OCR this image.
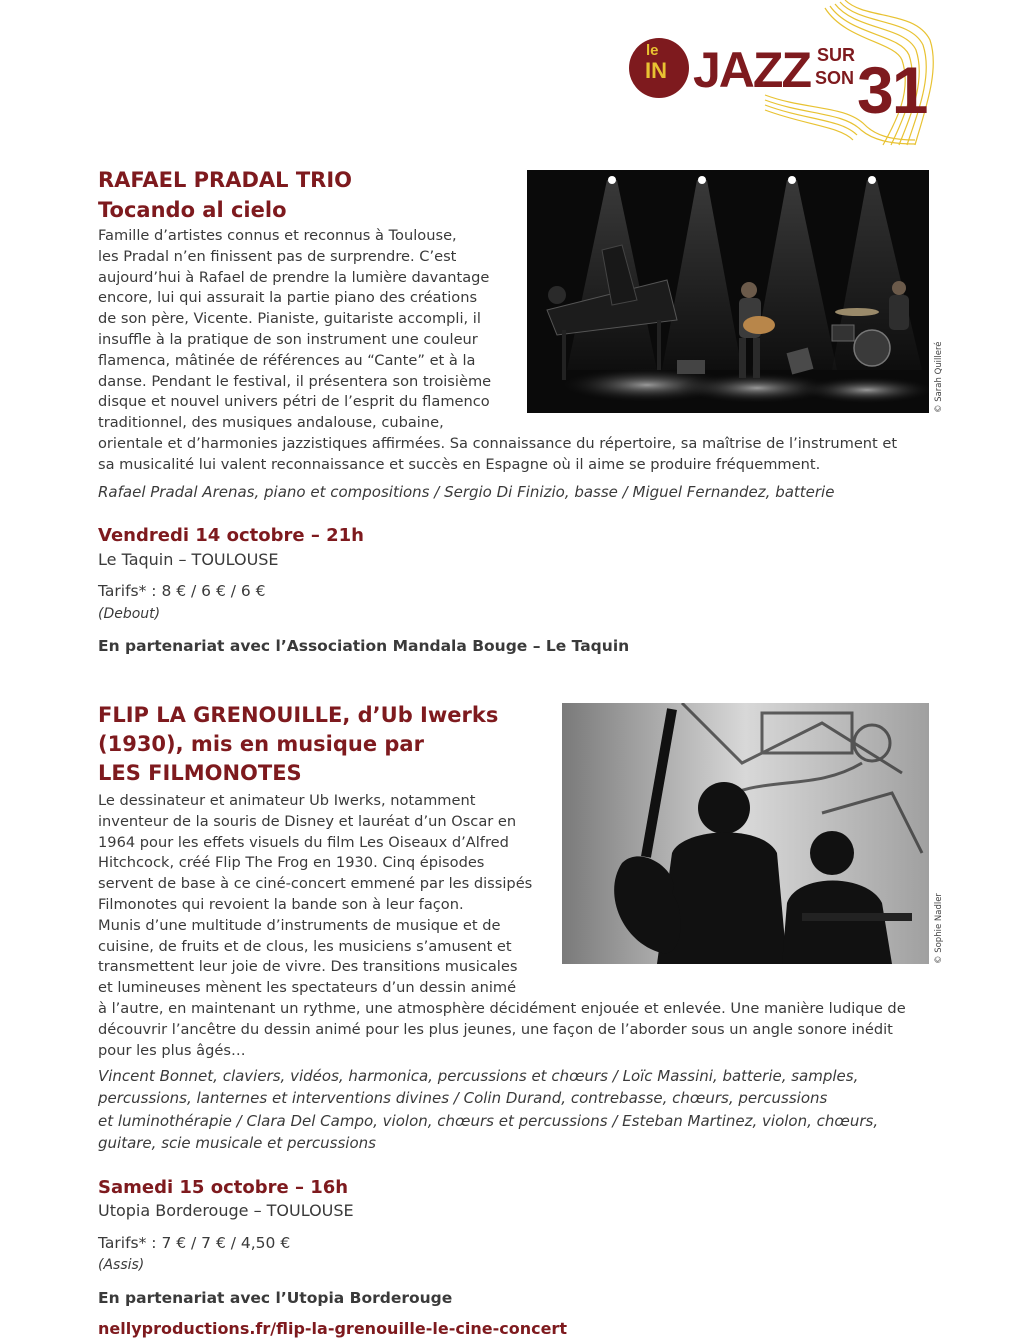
le
IN JAZZ SUR
SON 31
RAFAEL PRADAL TRIO
Tocando al cielo
© Sarah Quilleré
Famille d’artistes connus et reconnus à Toulouse,
les Pradal n’en finissent pas de surprendre. C’est
aujourd’hui à Rafael de prendre la lumière davantage
encore, lui qui assurait la partie piano des créations
de son père, Vicente. Pianiste, guitariste accompli, il
insuffle à la pratique de son instrument une couleur
flamenca, mâtinée de références au “Cante” et à la
danse. Pendant le festival, il présentera son troisième
disque et nouvel univers pétri de l’esprit du flamenco
traditionnel, des musiques andalouse, cubaine,
orientale et d’harmonies jazzistiques affirmées. Sa connaissance du répertoire, sa maîtrise de l’instrument et
sa musicalité lui valent reconnaissance et succès en Espagne où il aime se produire fréquemment.
Rafael Pradal Arenas, piano et compositions / Sergio Di Finizio, basse / Miguel Fernandez, batterie
Vendredi 14 octobre – 21h
Le Taquin – TOULOUSE
Tarifs* : 8 € / 6 € / 6 €
(Debout)
En partenariat avec l’Association Mandala Bouge – Le Taquin
FLIP LA GRENOUILLE, d’Ub Iwerks
(1930), mis en musique par
LES FILMONOTES
© Sophie Nadler
Le dessinateur et animateur Ub Iwerks, notamment
inventeur de la souris de Disney et lauréat d’un Oscar en
1964 pour les effets visuels du film Les Oiseaux d’Alfred
Hitchcock, créé Flip The Frog en 1930. Cinq épisodes
servent de base à ce ciné-concert emmené par les dissipés
Filmonotes qui revoient la bande son à leur façon.
Munis d’une multitude d’instruments de musique et de
cuisine, de fruits et de clous, les musiciens s’amusent et
transmettent leur joie de vivre. Des transitions musicales
et lumineuses mènent les spectateurs d’un dessin animé
à l’autre, en maintenant un rythme, une atmosphère décidément enjouée et enlevée. Une manière ludique de
découvrir l’ancêtre du dessin animé pour les plus jeunes, une façon de l’aborder sous un angle sonore inédit
pour les plus âgés…
Vincent Bonnet, claviers, vidéos, harmonica, percussions et chœurs / Loïc Massini, batterie, samples,
percussions, lanternes et interventions divines / Colin Durand, contrebasse, chœurs, percussions
et luminothérapie / Clara Del Campo, violon, chœurs et percussions / Esteban Martinez, violon, chœurs,
guitare, scie musicale et percussions
Samedi 15 octobre – 16h
Utopia Borderouge – TOULOUSE
Tarifs* : 7 € / 7 € / 4,50 €
(Assis)
En partenariat avec l’Utopia Borderouge
nellyproductions.fr/flip-la-grenouille-le-cine-concert
